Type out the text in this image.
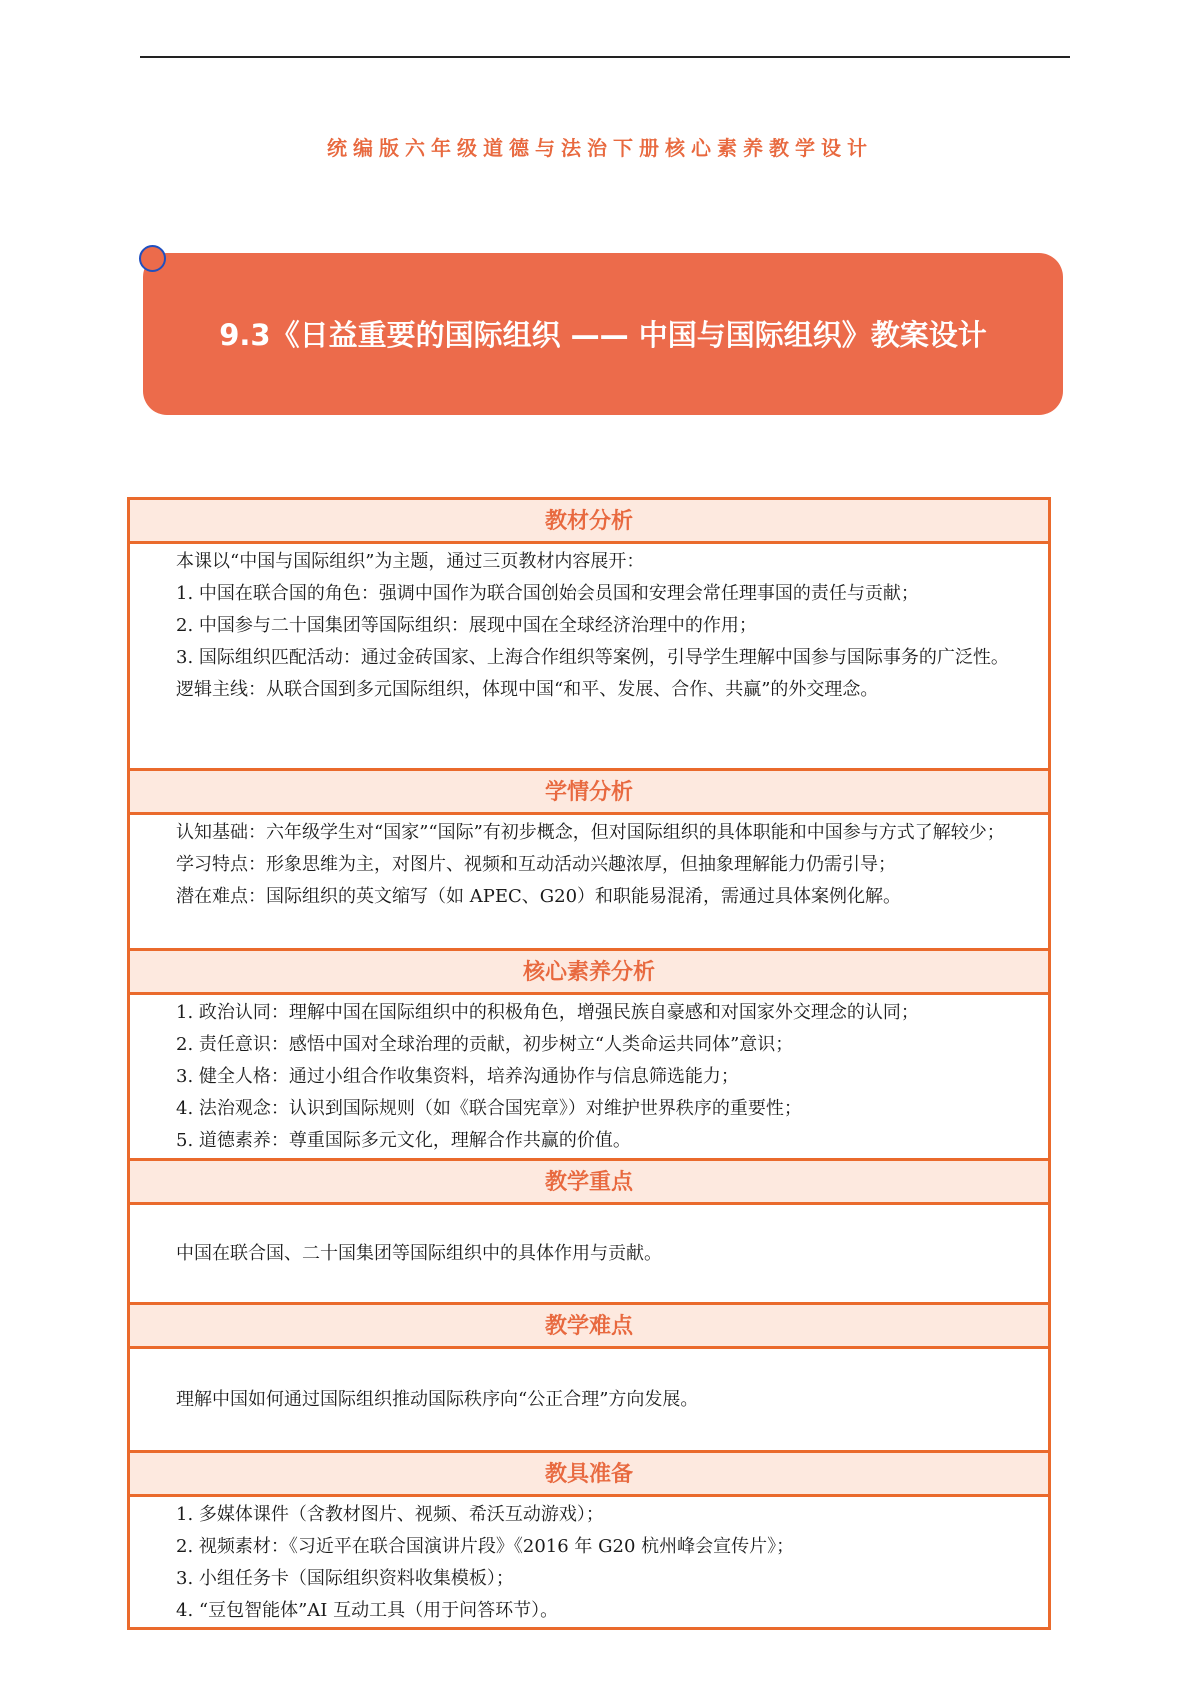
统编版六年级道德与法治下册核心素养教学设计
9.3《日益重要的国际组织 —— 中国与国际组织》教案设计
教材分析

本课以“中国与国际组织”为主题，通过三页教材内容展开：

1. 中国在联合国的角色：强调中国作为联合国创始会员国和安理会常任理事国的责任与贡献；

2. 中国参与二十国集团等国际组织：展现中国在全球经济治理中的作用；

3. 国际组织匹配活动：通过金砖国家、上海合作组织等案例，引导学生理解中国参与国际事务的广泛性。

逻辑主线：从联合国到多元国际组织，体现中国“和平、发展、合作、共赢”的外交理念。

学情分析

认知基础：六年级学生对“国家”“国际”有初步概念，但对国际组织的具体职能和中国参与方式了解较少；

学习特点：形象思维为主，对图片、视频和互动活动兴趣浓厚，但抽象理解能力仍需引导；

潜在难点：国际组织的英文缩写（如 APEC、G20）和职能易混淆，需通过具体案例化解。

核心素养分析

1. 政治认同：理解中国在国际组织中的积极角色，增强民族自豪感和对国家外交理念的认同；

2. 责任意识：感悟中国对全球治理的贡献，初步树立“人类命运共同体”意识；

3. 健全人格：通过小组合作收集资料，培养沟通协作与信息筛选能力；

4. 法治观念：认识到国际规则（如《联合国宪章》）对维护世界秩序的重要性；

5. 道德素养：尊重国际多元文化，理解合作共赢的价值。

教学重点

中国在联合国、二十国集团等国际组织中的具体作用与贡献。

教学难点

理解中国如何通过国际组织推动国际秩序向“公正合理”方向发展。

教具准备

1. 多媒体课件（含教材图片、视频、希沃互动游戏）；

2. 视频素材：《习近平在联合国演讲片段》《2016 年 G20 杭州峰会宣传片》；

3. 小组任务卡（国际组织资料收集模板）；

4. “豆包智能体”AI 互动工具（用于问答环节）。
